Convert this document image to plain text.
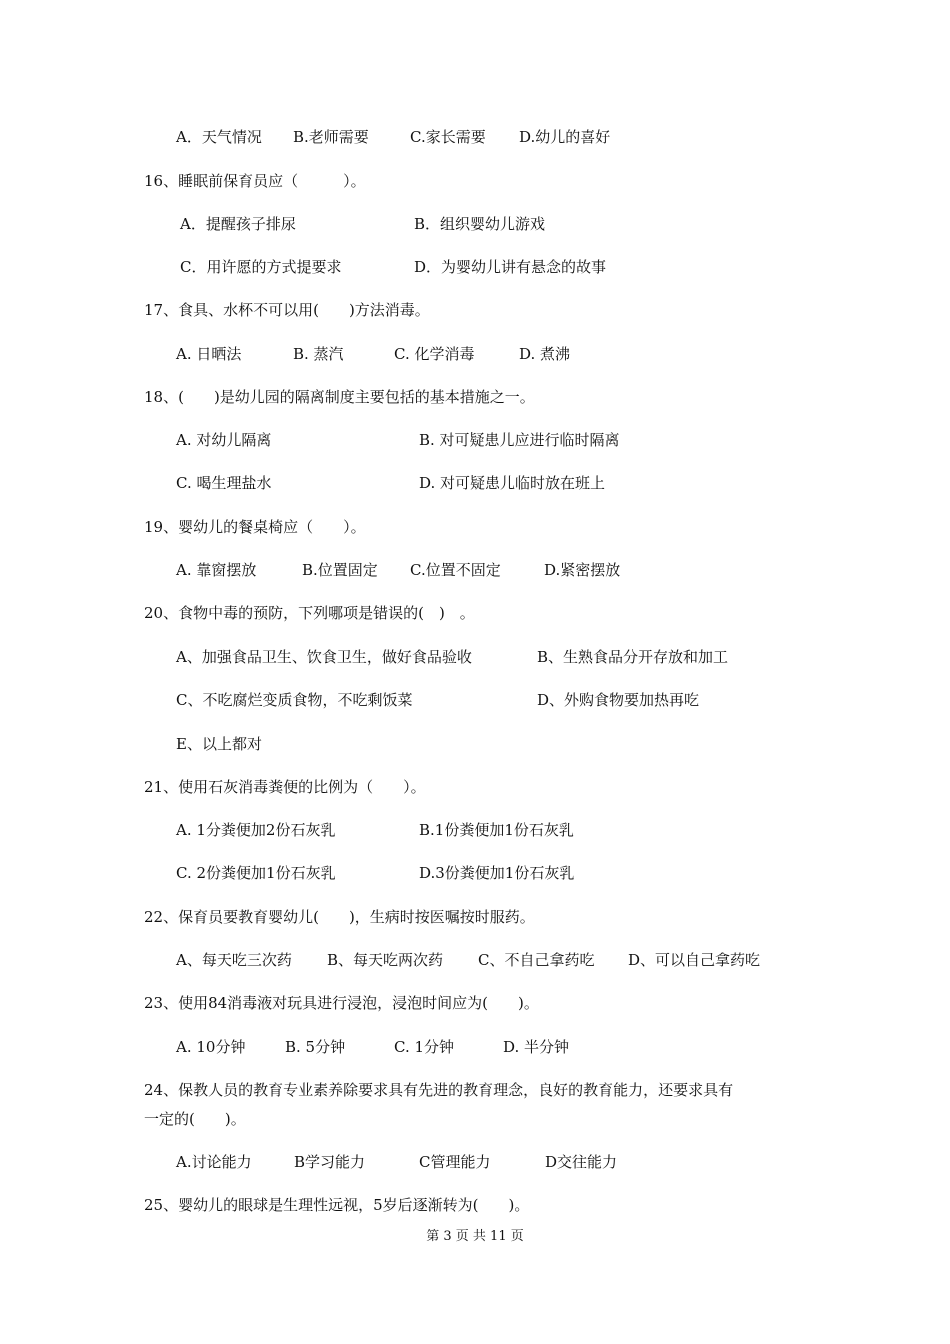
A．天气情况 B.老师需要	C.家长需要 D.幼儿的喜好
16、睡眠前保育员应（　　　）。
A．提醒孩子排尿	B．组织婴幼儿游戏
C．用许愿的方式提要求	D．为婴幼儿讲有悬念的故事
17、食具、水杯不可以用(　　)方法消毒。
A. 日晒法	B. 蒸汽	C. 化学消毒	D. 煮沸
18、(　　)是幼儿园的隔离制度主要包括的基本措施之一。
A. 对幼儿隔离	B. 对可疑患儿应进行临时隔离
C. 喝生理盐水	D. 对可疑患儿临时放在班上
19、婴幼儿的餐桌椅应（　　）。
A. 靠窗摆放	B.位置固定 C.位置不固定	D.紧密摆放
20、食物中毒的预防，下列哪项是错误的(　)　。
A、加强食品卫生、饮食卫生，做好食品验收	B、生熟食品分开存放和加工
C、不吃腐烂变质食物，不吃剩饭菜	D、外购食物要加热再吃
E、以上都对
21、使用石灰消毒粪便的比例为（　　）。
A. 1分粪便加2份石灰乳	B.1份粪便加1份石灰乳
C. 2份粪便加1份石灰乳	D.3份粪便加1份石灰乳
22、保育员要教育婴幼儿(　　)，生病时按医嘱按时服药。
A、每天吃三次药 B、每天吃两次药 C、不自己拿药吃 D、可以自己拿药吃
23、使用84消毒液对玩具进行浸泡，浸泡时间应为(　　)。
A. 10分钟	B. 5分钟	C. 1分钟	D. 半分钟
24、保教人员的教育专业素养除要求具有先进的教育理念，良好的教育能力，还要求具有
一定的(　　)。
A.讨论能力	B学习能力	C管理能力	D交往能力
25、婴幼儿的眼球是生理性远视，5岁后逐渐转为(　　)。
第 3 页 共 11 页
